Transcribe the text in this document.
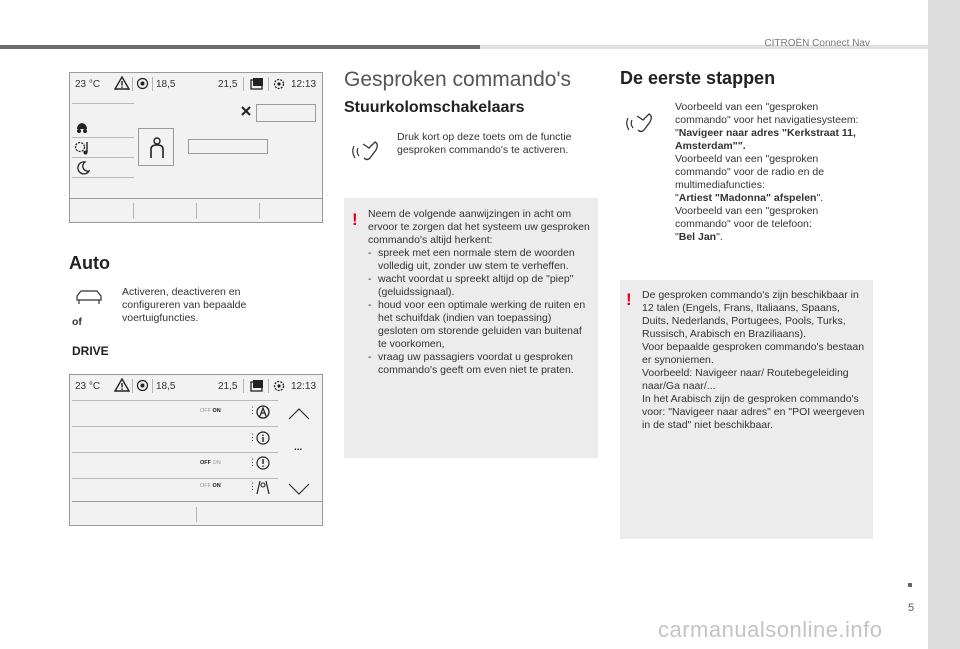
CITROËN Connect Nav
5
carmanualsonline.info
23 °C	18,5	21,5	12:13
Auto
of
Activeren, deactiveren en configureren van bepaalde voertuigfuncties.
DRIVE
23 °C	18,5	21,5	12:13
OFF ON	⋮
⋮
...
OFF ON	⋮
OFF ON	⋮
Gesproken commando's
Stuurkolomschakelaars
Druk kort op deze toets om de functie gesproken commando's te activeren.
! Neem de volgende aanwijzingen in acht om ervoor te zorgen dat het systeem uw gesproken commando's altijd herkent:
- spreek met een normale stem de woorden volledig uit, zonder uw stem te verheffen.
- wacht voordat u spreekt altijd op de "piep" (geluidssignaal).
- houd voor een optimale werking de ruiten en het schuifdak (indien van toepassing) gesloten om storende geluiden van buitenaf te voorkomen,
- vraag uw passagiers voordat u gesproken commando's geeft om even niet te praten.
De eerste stappen
Voorbeeld van een "gesproken commando" voor het navigatiesysteem:
"Navigeer naar adres "Kerkstraat 11, Amsterdam"".
Voorbeeld van een "gesproken commando" voor de radio en de multimediafuncties:
"Artiest "Madonna" afspelen".
Voorbeeld van een "gesproken commando" voor de telefoon:
"Bel Jan".
! De gesproken commando's zijn beschikbaar in 12 talen (Engels, Frans, Italiaans, Spaans, Duits, Nederlands, Portugees, Pools, Turks, Russisch, Arabisch en Braziliaans).
Voor bepaalde gesproken commando's bestaan er synoniemen.
Voorbeeld: Navigeer naar/ Routebegeleiding naar/Ga naar/...
In het Arabisch zijn de gesproken commando's voor: "Navigeer naar adres" en "POI weergeven in de stad" niet beschikbaar.
